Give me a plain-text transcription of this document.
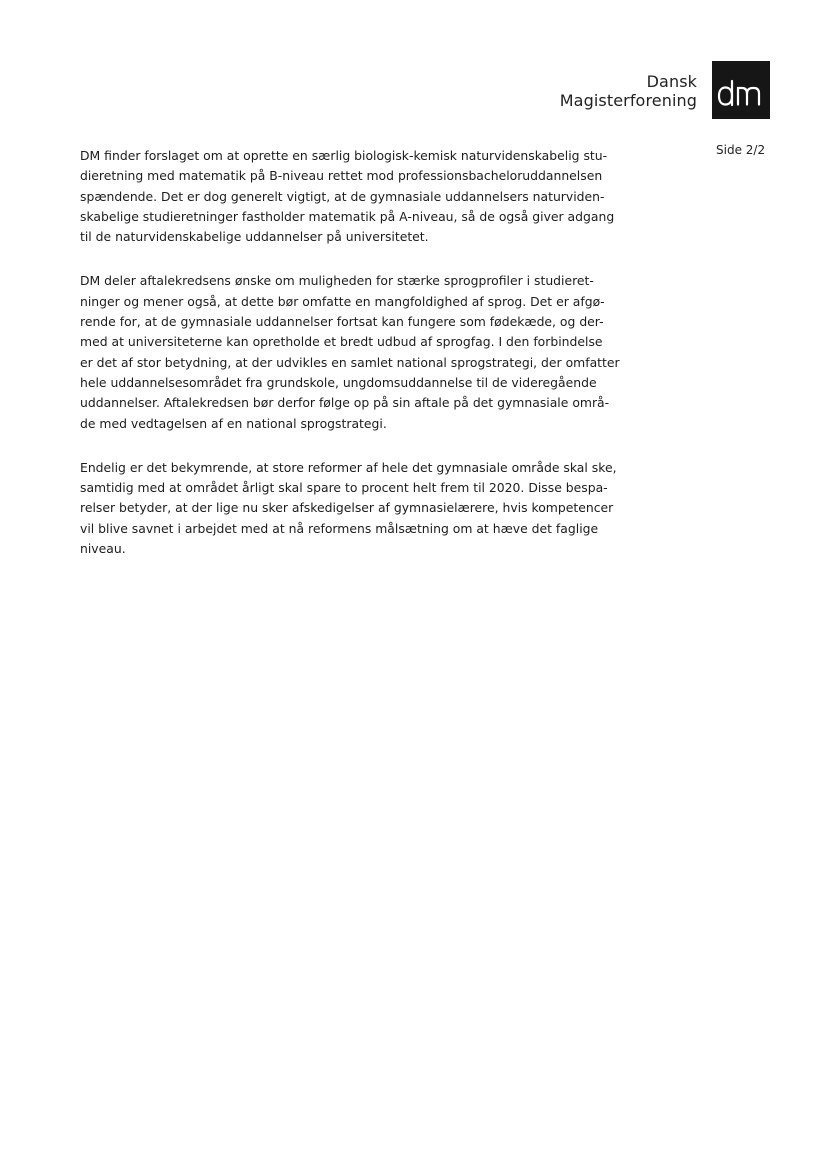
Dansk
Magisterforening
Side 2/2

DM finder forslaget om at oprette en særlig biologisk-kemisk naturvidenskabelig stu-
dieretning med matematik på B-niveau rettet mod professionsbacheloruddannelsen
spændende. Det er dog generelt vigtigt, at de gymnasiale uddannelsers naturviden-
skabelige studieretninger fastholder matematik på A-niveau, så de også giver adgang
til de naturvidenskabelige uddannelser på universitetet.

DM deler aftalekredsens ønske om muligheden for stærke sprogprofiler i studieret-
ninger og mener også, at dette bør omfatte en mangfoldighed af sprog. Det er afgø-
rende for, at de gymnasiale uddannelser fortsat kan fungere som fødekæde, og der-
med at universiteterne kan opretholde et bredt udbud af sprogfag. I den forbindelse
er det af stor betydning, at der udvikles en samlet national sprogstrategi, der omfatter
hele uddannelsesområdet fra grundskole, ungdomsuddannelse til de videregående
uddannelser. Aftalekredsen bør derfor følge op på sin aftale på det gymnasiale områ-
de med vedtagelsen af en national sprogstrategi.

Endelig er det bekymrende, at store reformer af hele det gymnasiale område skal ske,
samtidig med at området årligt skal spare to procent helt frem til 2020. Disse bespa-
relser betyder, at der lige nu sker afskedigelser af gymnasielærere, hvis kompetencer
vil blive savnet i arbejdet med at nå reformens målsætning om at hæve det faglige
niveau.
